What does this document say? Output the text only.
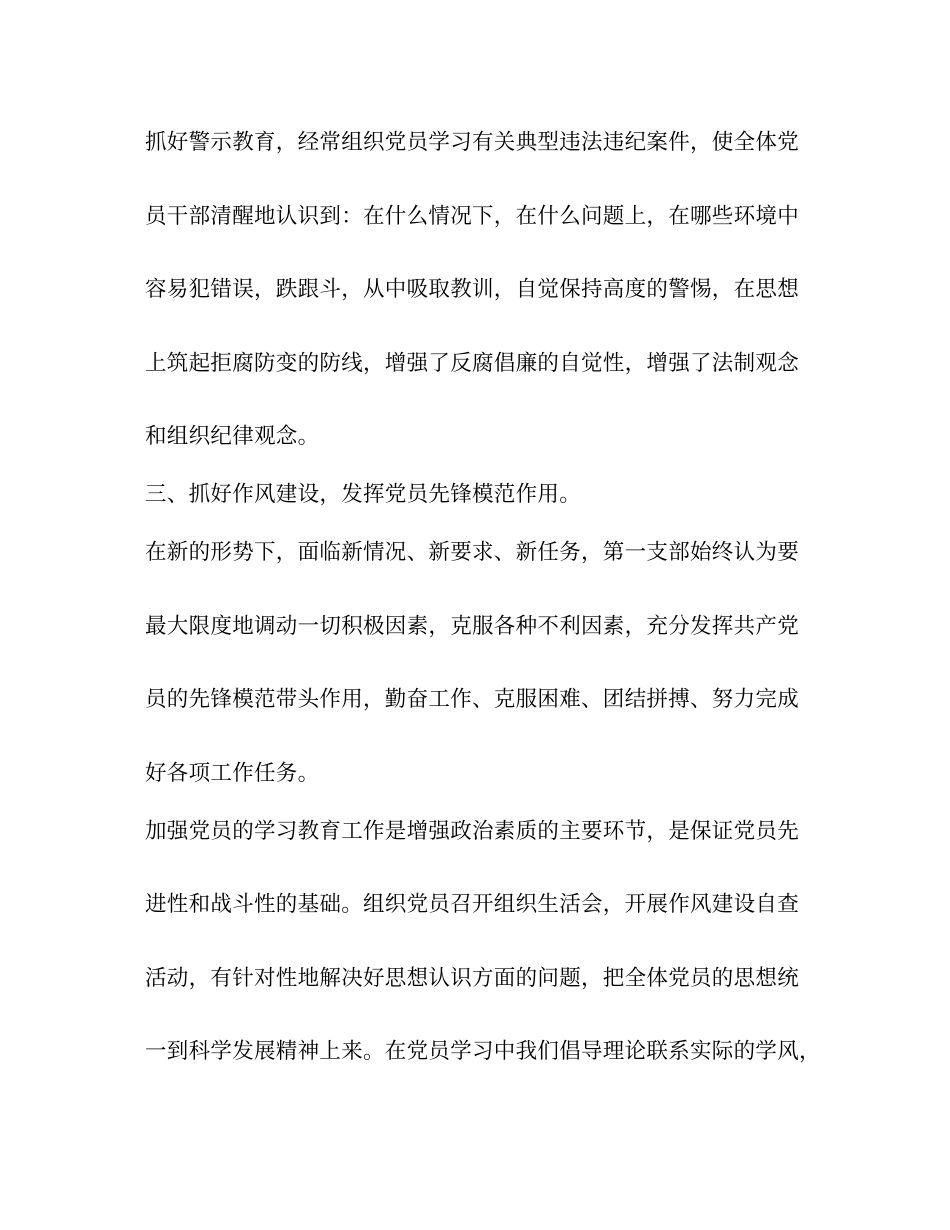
抓好警示教育，经常组织党员学习有关典型违法违纪案件，使全体党
员干部清醒地认识到：在什么情况下，在什么问题上，在哪些环境中
容易犯错误，跌跟斗，从中吸取教训，自觉保持高度的警惕，在思想
上筑起拒腐防变的防线，增强了反腐倡廉的自觉性，增强了法制观念
和组织纪律观念。
三、抓好作风建设，发挥党员先锋模范作用。
在新的形势下，面临新情况、新要求、新任务，第一支部始终认为要
最大限度地调动一切积极因素，克服各种不利因素，充分发挥共产党
员的先锋模范带头作用，勤奋工作、克服困难、团结拼搏、努力完成
好各项工作任务。
加强党员的学习教育工作是增强政治素质的主要环节，是保证党员先
进性和战斗性的基础。组织党员召开组织生活会，开展作风建设自查
活动，有针对性地解决好思想认识方面的问题，把全体党员的思想统
一到科学发展精神上来。在党员学习中我们倡导理论联系实际的学风，
